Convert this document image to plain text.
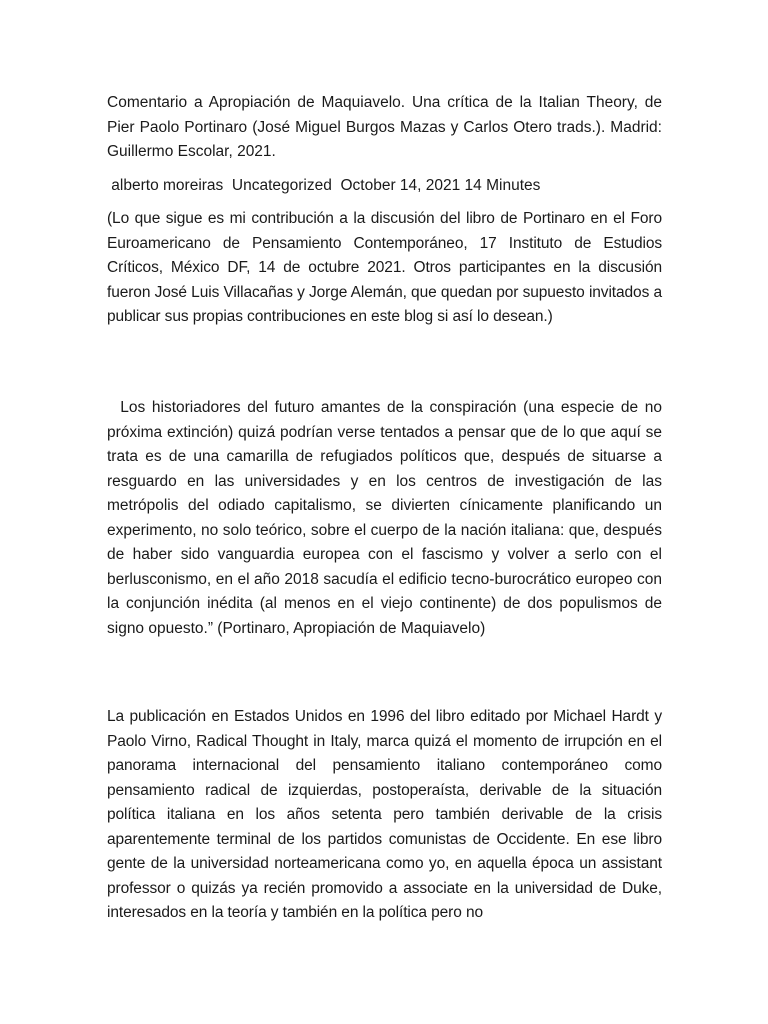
Comentario a Apropiación de Maquiavelo. Una crítica de la Italian Theory, de Pier Paolo Portinaro (José Miguel Burgos Mazas y Carlos Otero trads.). Madrid: Guillermo Escolar, 2021.

alberto moreiras  Uncategorized  October 14, 2021 14 Minutes

(Lo que sigue es mi contribución a la discusión del libro de Portinaro en el Foro Euroamericano de Pensamiento Contemporáneo, 17 Instituto de Estudios Críticos, México DF, 14 de octubre 2021. Otros participantes en la discusión fueron José Luis Villacañas y Jorge Alemán, que quedan por supuesto invitados a publicar sus propias contribuciones en este blog si así lo desean.)

Los historiadores del futuro amantes de la conspiración (una especie de no próxima extinción) quizá podrían verse tentados a pensar que de lo que aquí se trata es de una camarilla de refugiados políticos que, después de situarse a resguardo en las universidades y en los centros de investigación de las metrópolis del odiado capitalismo, se divierten cínicamente planificando un experimento, no solo teórico, sobre el cuerpo de la nación italiana: que, después de haber sido vanguardia europea con el fascismo y volver a serlo con el berlusconismo, en el año 2018 sacudía el edificio tecno-burocrático europeo con la conjunción inédita (al menos en el viejo continente) de dos populismos de signo opuesto.” (Portinaro, Apropiación de Maquiavelo)

La publicación en Estados Unidos en 1996 del libro editado por Michael Hardt y Paolo Virno, Radical Thought in Italy, marca quizá el momento de irrupción en el panorama internacional del pensamiento italiano contemporáneo como pensamiento radical de izquierdas, postoperaísta, derivable de la situación política italiana en los años setenta pero también derivable de la crisis aparentemente terminal de los partidos comunistas de Occidente. En ese libro gente de la universidad norteamericana como yo, en aquella época un assistant professor o quizás ya recién promovido a associate en la universidad de Duke, interesados en la teoría y también en la política pero no
